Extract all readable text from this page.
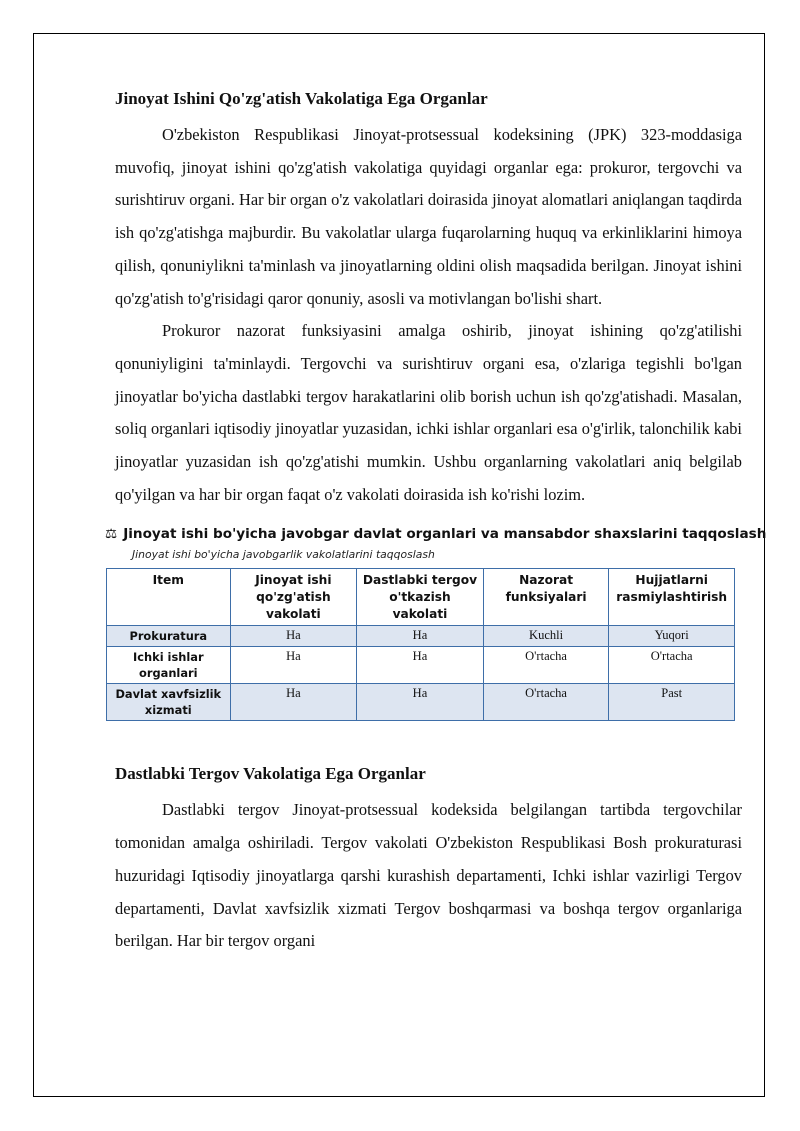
Jinoyat Ishini Qo'zg'atish Vakolatiga Ega Organlar

O'zbekiston Respublikasi Jinoyat-protsessual kodeksining (JPK) 323-moddasiga muvofiq, jinoyat ishini qo'zg'atish vakolatiga quyidagi organlar ega: prokuror, tergovchi va surishtiruv organi. Har bir organ o'z vakolatlari doirasida jinoyat alomatlari aniqlangan taqdirda ish qo'zg'atishga majburdir. Bu vakolatlar ularga fuqarolarning huquq va erkinliklarini himoya qilish, qonuniylikni ta'minlash va jinoyatlarning oldini olish maqsadida berilgan. Jinoyat ishini qo'zg'atish to'g'risidagi qaror qonuniy, asosli va motivlangan bo'lishi shart.

Prokuror nazorat funksiyasini amalga oshirib, jinoyat ishining qo'zg'atilishi qonuniyligini ta'minlaydi. Tergovchi va surishtiruv organi esa, o'zlariga tegishli bo'lgan jinoyatlar bo'yicha dastlabki tergov harakatlarini olib borish uchun ish qo'zg'atishadi. Masalan, soliq organlari iqtisodiy jinoyatlar yuzasidan, ichki ishlar organlari esa o'g'irlik, talonchilik kabi jinoyatlar yuzasidan ish qo'zg'atishi mumkin. Ushbu organlarning vakolatlari aniq belgilab qo'yilgan va har bir organ faqat o'z vakolati doirasida ish ko'rishi lozim.

⚖ Jinoyat ishi bo'yicha javobgar davlat organlari va mansabdor shaxslarini taqqoslash
Jinoyat ishi bo'yicha javobgarlik vakolatlarini taqqoslash
Item	Jinoyat ishi qo'zg'atish vakolati	Dastlabki tergov o'tkazish vakolati	Nazorat funksiyalari	Hujjatlarni rasmiylashtirish
Prokuratura	Ha	Ha	Kuchli	Yuqori
Ichki ishlar organlari	Ha	Ha	O'rtacha	O'rtacha
Davlat xavfsizlik xizmati	Ha	Ha	O'rtacha	Past
Dastlabki Tergov Vakolatiga Ega Organlar

Dastlabki tergov Jinoyat-protsessual kodeksida belgilangan tartibda tergovchilar tomonidan amalga oshiriladi. Tergov vakolati O'zbekiston Respublikasi Bosh prokuraturasi huzuridagi Iqtisodiy jinoyatlarga qarshi kurashish departamenti, Ichki ishlar vazirligi Tergov departamenti, Davlat xavfsizlik xizmati Tergov boshqarmasi va boshqa tergov organlariga berilgan. Har bir tergov organi
